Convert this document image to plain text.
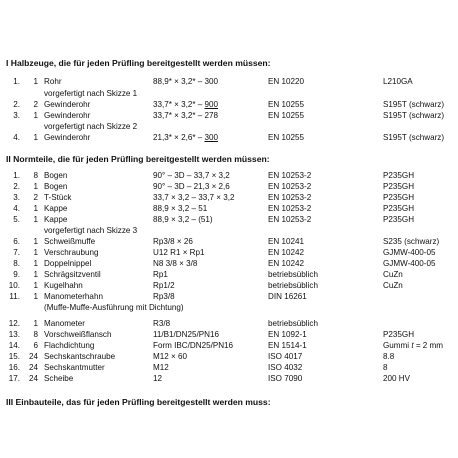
I Halbzeuge, die für jeden Prüfling bereitgestellt werden müssen:
1.	1 Rohr	88,9* × 3,2* – 300	EN 10220	L210GA
vorgefertigt nach Skizze 1
2.	2 Gewinderohr	33,7* × 3,2* – 900	EN 10255	S195T (schwarz)
3.	1 Gewinderohr	33,7* × 3,2* – 278	EN 10255	S195T (schwarz)
vorgefertigt nach Skizze 2
4.	1 Gewinderohr	21,3* × 2,6* – 300	EN 10255	S195T (schwarz)
II Normteile, die für jeden Prüfling bereitgestellt werden müssen:
1.	8 Bogen	90° – 3D – 33,7 × 3,2	EN 10253-2	P235GH
2.	1 Bogen	90° – 3D – 21,3 × 2,6	EN 10253-2	P235GH
3.	2 T-Stück	33,7 × 3,2 – 33,7 × 3,2	EN 10253-2	P235GH
4.	1 Kappe	88,9 × 3,2 – 51	EN 10253-2	P235GH
5.	1 Kappe	88,9 × 3,2 – (51)	EN 10253-2	P235GH
vorgefertigt nach Skizze 3
6.	1 Schweißmuffe	Rp3/8 × 26	EN 10241	S235 (schwarz)
7.	1 Verschraubung	U12 R1 × Rp1	EN 10242	GJMW-400-05
8.	1 Doppelnippel	N8 3/8 × 3/8	EN 10242	GJMW-400-05
9.	1 Schrägsitzventil	Rp1	betriebsüblich	CuZn
10.	1 Kugelhahn	Rp1/2	betriebsüblich	CuZn
11.	1 Manometerhahn	Rp3/8	DIN 16261
(Muffe-Muffe-Ausführung mit Dichtung)
12.	1 Manometer	R3/8	betriebsüblich
13.	8 Vorschweißflansch	11/B1/DN25/PN16	EN 1092-1	P235GH
14.	6 Flachdichtung	Form IBC/DN25/PN16	EN 1514-1	Gummi t = 2 mm
15.	24 Sechskantschraube	M12 × 60	ISO 4017	8.8
16.	24 Sechskantmutter	M12	ISO 4032	8
17.	24 Scheibe	12	ISO 7090	200 HV
III Einbauteile, das für jeden Prüfling bereitgestellt werden muss:
